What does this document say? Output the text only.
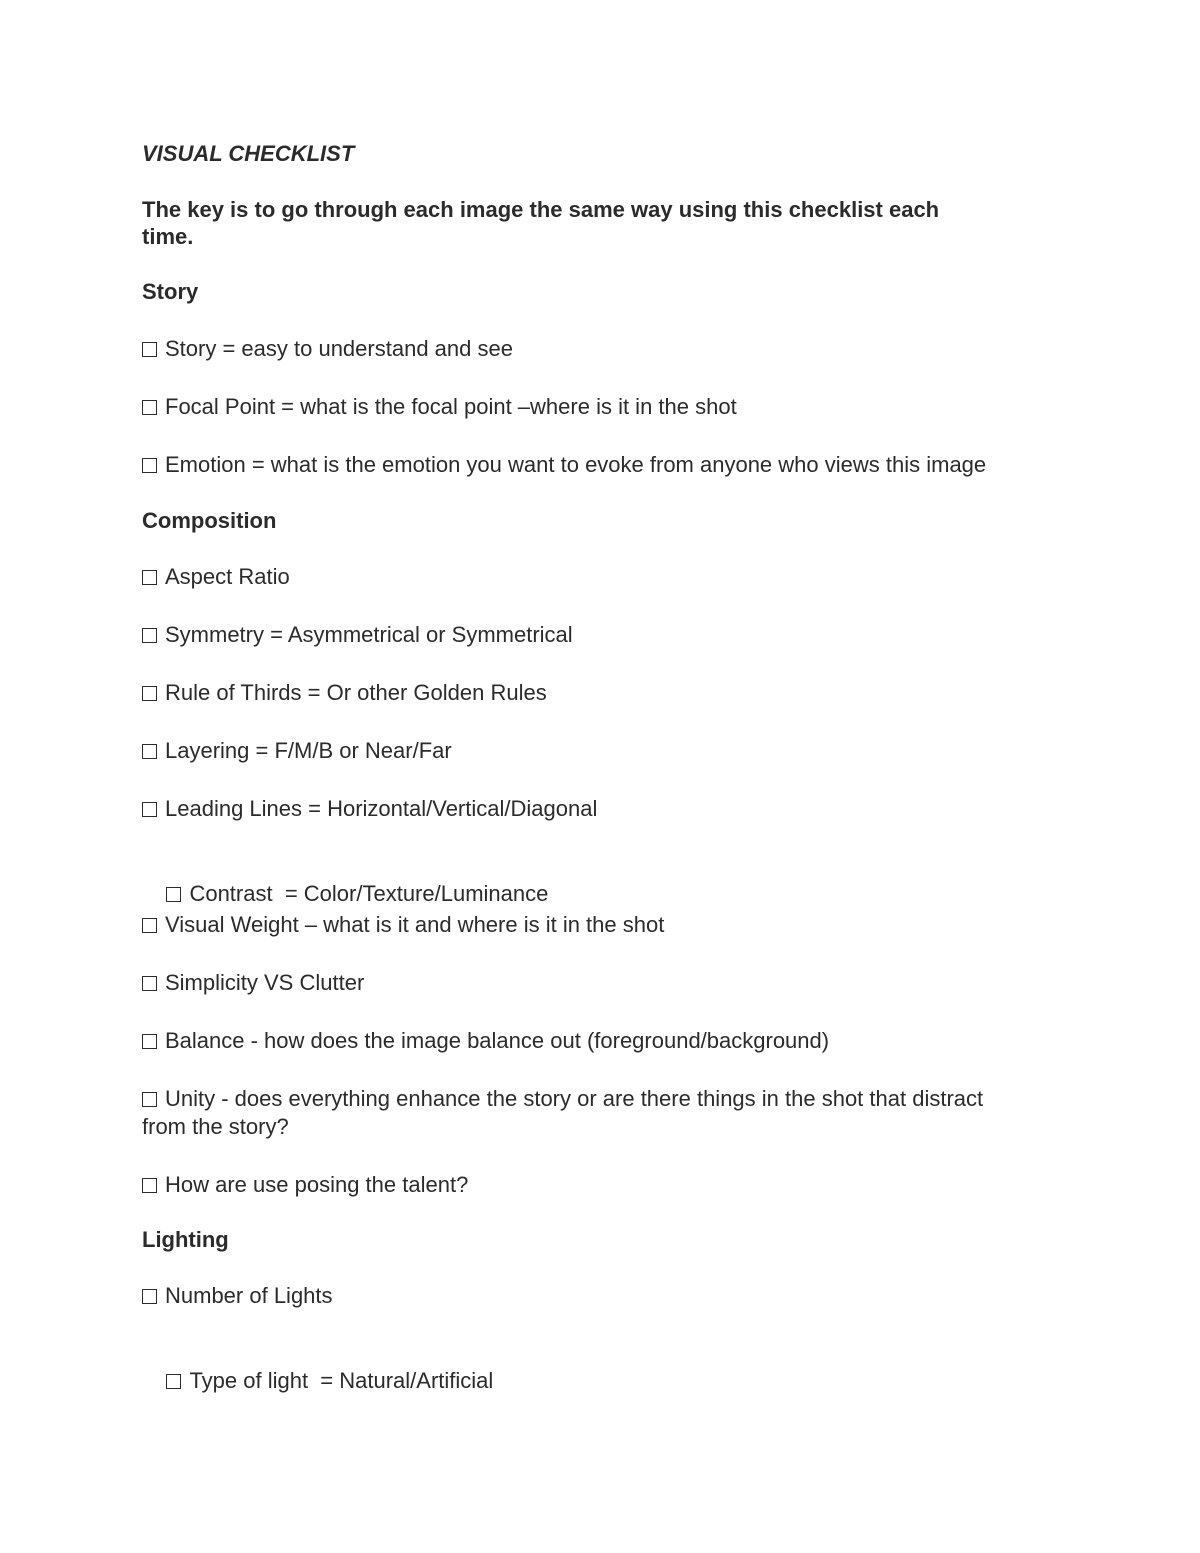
VISUAL CHECKLIST
The key is to go through each image the same way using this checklist each
time.
Story
Story = easy to understand and see
Focal Point = what is the focal point –where is it in the shot
Emotion = what is the emotion you want to evoke from anyone who views this image
Composition
Aspect Ratio
Symmetry = Asymmetrical or Symmetrical
Rule of Thirds = Or other Golden Rules
Layering = F/M/B or Near/Far
Leading Lines = Horizontal/Vertical/Diagonal

Contrast  = Color/Texture/Luminance

Visual Weight – what is it and where is it in the shot
Simplicity VS Clutter
Balance - how does the image balance out (foreground/background)
Unity - does everything enhance the story or are there things in the shot that distract
from the story?
How are use posing the talent?
Lighting
Number of Lights

Type of light  = Natural/Artificial
